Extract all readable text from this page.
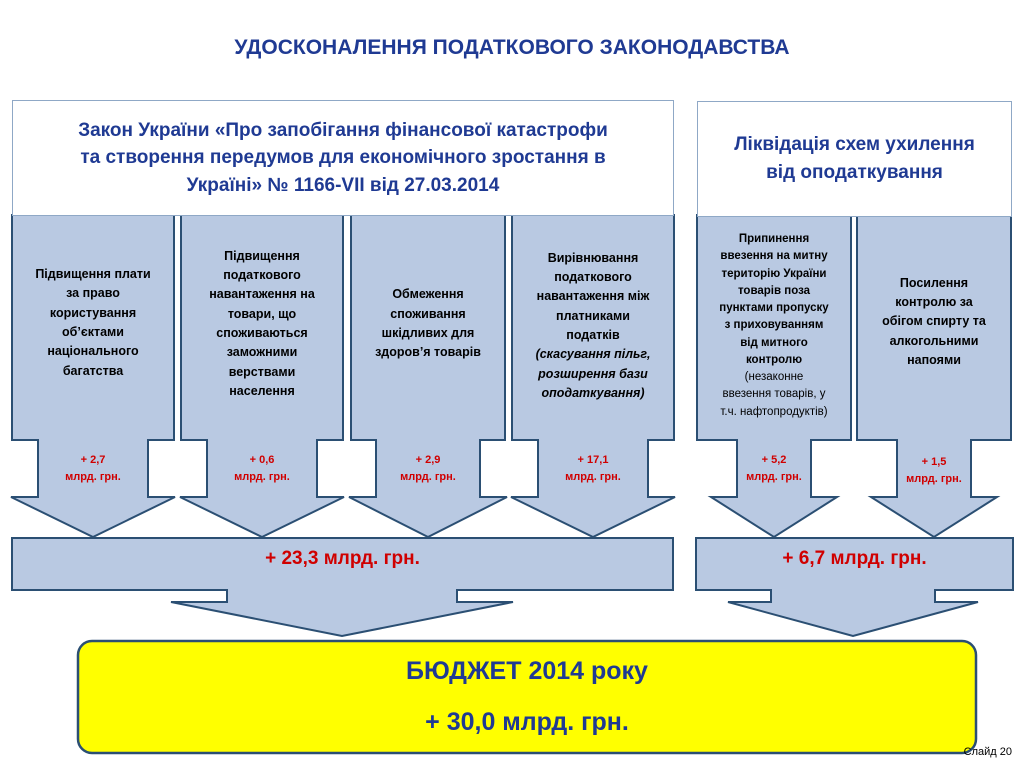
УДОСКОНАЛЕННЯ ПОДАТКОВОГО ЗАКОНОДАВСТВА
Закон України «Про запобігання фінансової катастрофи
та створення передумов для економічного зростання в
Україні» № 1166-VII від 27.03.2014
Ліквідація схем ухилення
від оподаткування
Підвищення плати
за право
користування
об’єктами
національного
багатства
+ 2,7
млрд. грн.
Підвищення
податкового
навантаження на
товари, що
споживаються
заможними
верствами
населення
+ 0,6
млрд. грн.
Обмеження
споживання
шкідливих для
здоров’я товарів
+ 2,9
млрд. грн.
Вирівнювання
податкового
навантаження між
платниками
податків
(скасування пільг,
розширення бази
оподаткування)
+ 17,1
млрд. грн.
Припинення
ввезення на митну
територію України
товарів поза
пунктами пропуску
з приховуванням
від митного
контролю
(незаконне
ввезення товарів, у
т.ч. нафтопродуктів)
+ 5,2
млрд. грн.
Посилення
контролю за
обігом спирту та
алкогольними
напоями
+ 1,5
млрд. грн.
+ 23,3 млрд. грн.	+ 6,7 млрд. грн.
БЮДЖЕТ 2014 року
+ 30,0 млрд. грн.
Слайд 20
